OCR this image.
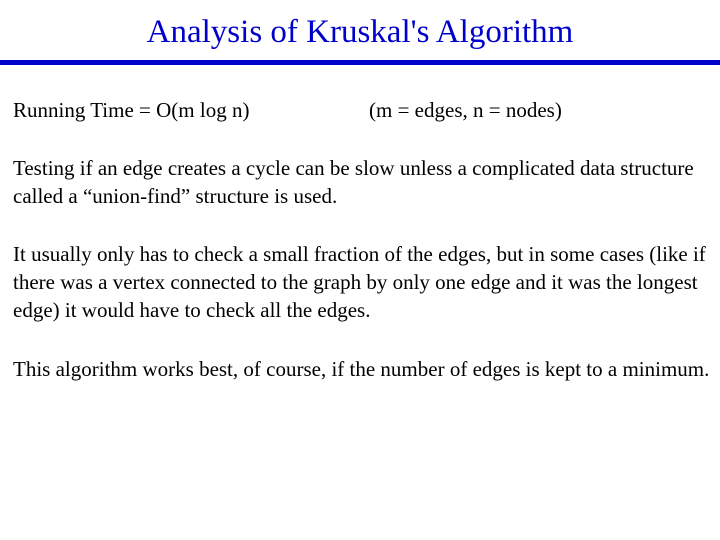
Analysis of Kruskal's Algorithm
Running Time = O(m log n)	(m = edges, n = nodes)

Testing if an edge creates a cycle can be slow unless a complicated data structure called a “union-find” structure is used.

It usually only has to check a small fraction of the edges, but in some cases (like if there was a vertex connected to the graph by only one edge and it was the longest edge) it would have to check all the edges.

This algorithm works best, of course, if the number of edges is kept to a minimum.
